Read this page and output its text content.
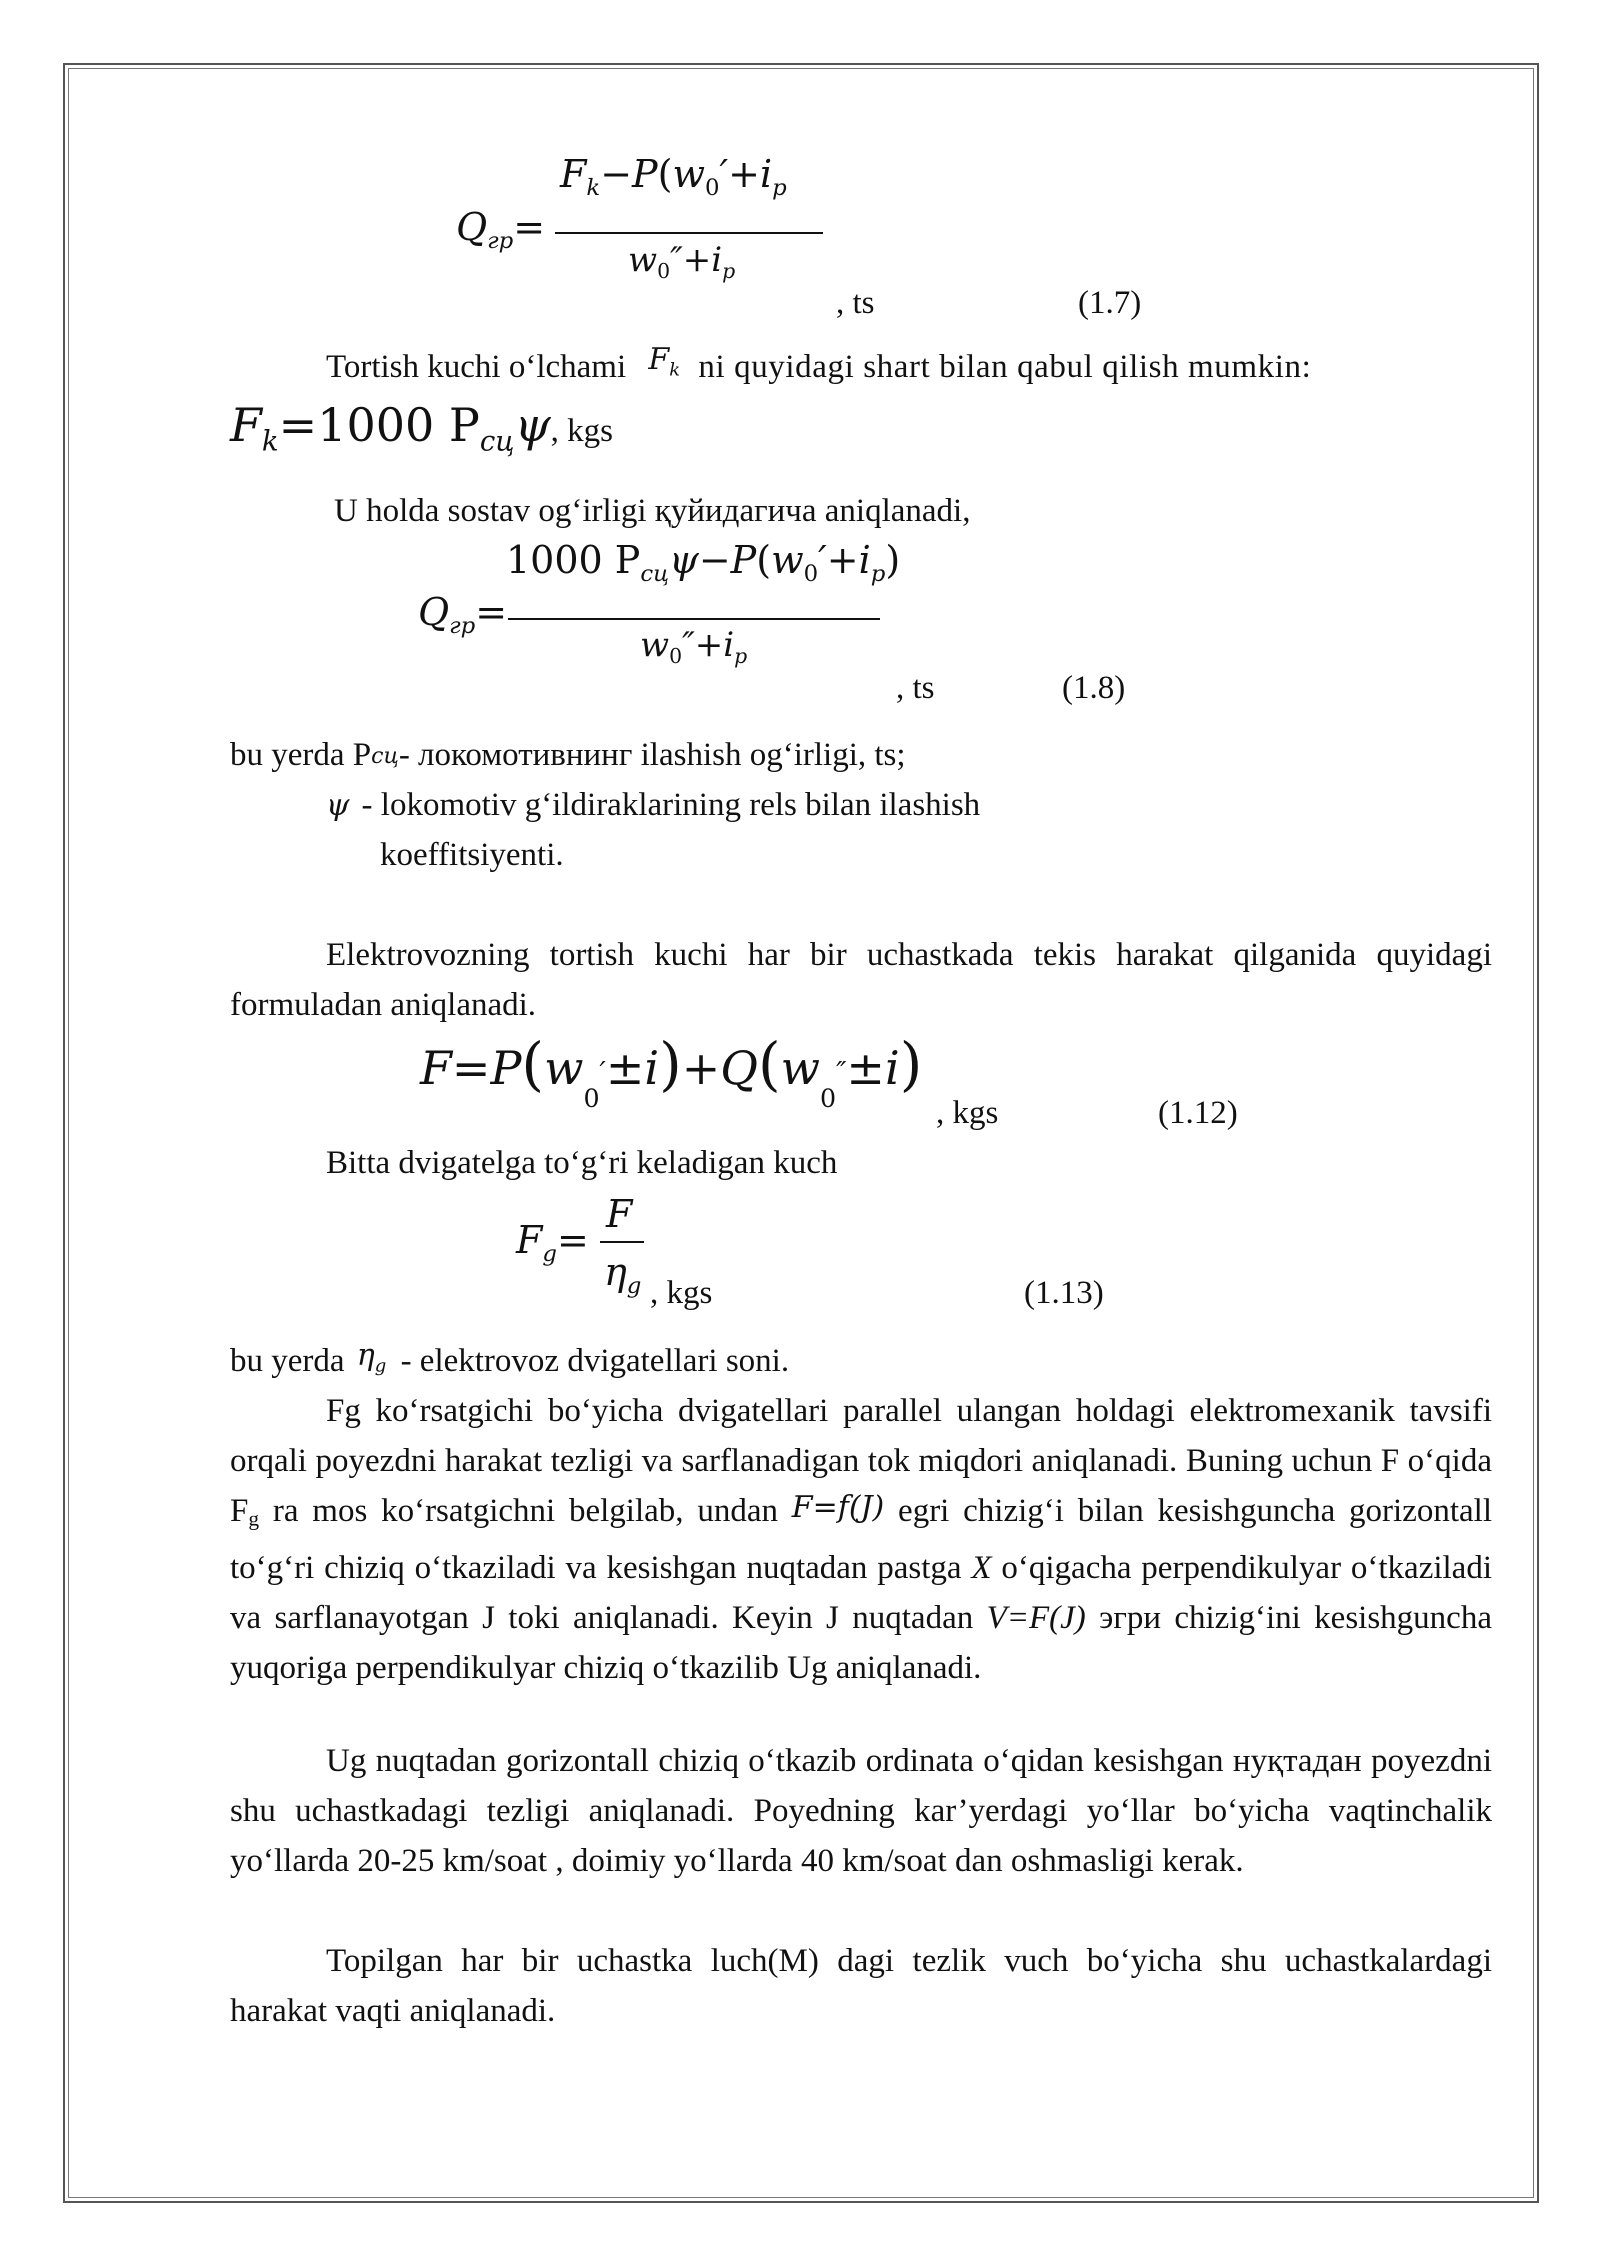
$Q_{гр}=$
$F_k-P(w_0'+i_p$
$w_0''+i_p$
, ts	(1.7)
Tortish kuchi o‘lchami $F_k$ ni quyidagi shart bilan qabul qilish mumkin:
$F_k=1000$ $P_{сц}\psi$, kgs
U holda sostav og‘irligi қуйидагича aniqlanadi,
$Q_{гр}=$
1000 $P_{сц}\psi-P(w_0'+i_p)$
$w_0''+i_p$
, ts	(1.8)
bu yerda Pсц- локомотивнинг ilashish og‘irligi, ts;
ψ - lokomotiv g‘ildiraklarining rels bilan ilashish
koeffitsiyenti.
Elektrovozning tortish kuchi har bir uchastkada tekis harakat qilganida quyidagi formuladan aniqlanadi.
$F=P(w_0'\pm i)+Q(w_0''\pm i)$
, kgs	(1.12)
Bitta dvigatelga to‘g‘ri keladigan kuch
$F_g=$
F
$\eta_g$ , kgs	(1.13)
bu yerda $\eta_g$ - elektrovoz dvigatellari soni.
Fg ko‘rsatgichi bo‘yicha dvigatellari parallel ulangan holdagi elektromexanik tavsifi orqali poyezdni harakat tezligi va sarflanadigan tok miqdori aniqlanadi. Buning uchun F o‘qida $F_g$ ra mos ko‘rsatgichni belgilab, undan F=f(J) egri chizig‘i bilan kesishguncha gorizontall to‘g‘ri chiziq o‘tkaziladi va kesishgan nuqtadan pastga X o‘qigacha perpendikulyar o‘tkaziladi va sarflanayotgan J toki aniqlanadi. Keyin J nuqtadan V=F(J) эгри chizig‘ini kesishguncha yuqoriga perpendikulyar chiziq o‘tkazilib Ug aniqlanadi.
Ug nuqtadan gorizontall chiziq o‘tkazib ordinata o‘qidan kesishgan нуқтадан poyezdni shu uchastkadagi tezligi aniqlanadi. Poyedning kar’yerdagi yo‘llar bo‘yicha vaqtinchalik yo‘llarda 20-25 km/soat , doimiy yo‘llarda 40 km/soat dan oshmasligi kerak.
Topilgan har bir uchastka luch(M) dagi tezlik vuch bo‘yicha shu uchastkalardagi harakat vaqti aniqlanadi.
